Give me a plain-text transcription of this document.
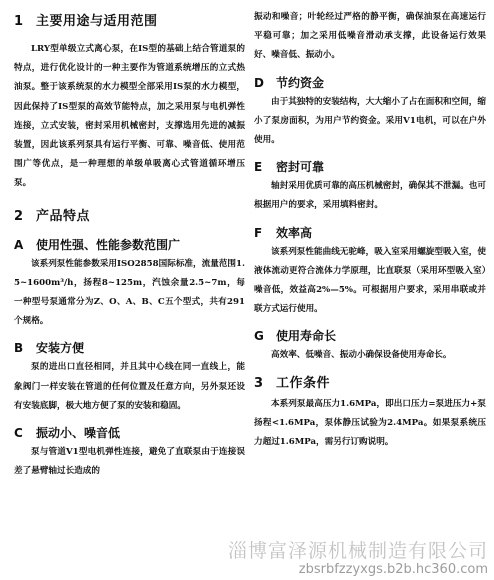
1 主要用途与适用范围

LRY型单级立式离心泵，在IS型的基础上结合管道泵的特点，进行优化设计的一种主要作为管道系统增压的立式热油泵。整于该系统泵的水力模型全部采用IS泵的水力模型，因此保持了IS型泵的高效节能特点，加之采用泵与电机弹性连接，立式安装，密封采用机械密封，支撑选用先进的减振装置，因此该系列泵具有运行平衡、可靠、噪音低、使用范围广等优点，是一种理想的单级单吸离心式管道循环增压泵。

2 产品特点
A 使用性强、性能参数范围广

该系列泵性能参数采用ISO2858国际标准，流量范围1.5~1600m³/h，扬程8~125m，汽蚀余量2.5~7m，每一种型号泵通常分为Z、O、A、B、C五个型式，共有291个规格。

B 安装方便

泵的进出口直径相同，并且其中心线在同一直线上，能象阀门一样安装在管道的任何位置及任意方向，另外泵还设有安装底脚，极大地方便了泵的安装和稳固。

C 振动小、噪音低

泵与管道V1型电机弹性连接，避免了直联泵由于连接误差了悬臂轴过长造成的

振动和噪音；叶轮经过严格的静平衡，确保油泵在高速运行平稳可靠；加之采用低噪音滑动承支撑，此设备运行效果好、噪音低、振动小。

D 节约资金

由于其独特的安装结构，大大缩小了占在面积和空间，缩小了泵房面积，为用户节约资金。采用V1电机，可以在户外使用。

E 密封可靠

轴封采用优质可靠的高压机械密封，确保其不泄漏。也可根据用户的要求，采用填料密封。

F 效率高

该系列泵性能曲线无驼峰，吸入室采用螺旋型吸入室，使液体流动更符合流体力学原理，比直联泵（采用环型吸入室）噪音低，效益高2%—5%。可根据用户要求，采用串联或并联方式运行使用。

G 使用寿命长

高效率、低噪音、振动小确保设备使用寿命长。

3 工作条件

本系列泵最高压力1.6MPa，即出口压力=泵进压力+泵扬程<1.6MPa，泵体静压试验为2.4MPa。如果泵系统压力超过1.6MPa，需另行订购说明。

淄博富泽源机械制造有限公司
zbsrbfzzyxgs.b2b.hc360.com
